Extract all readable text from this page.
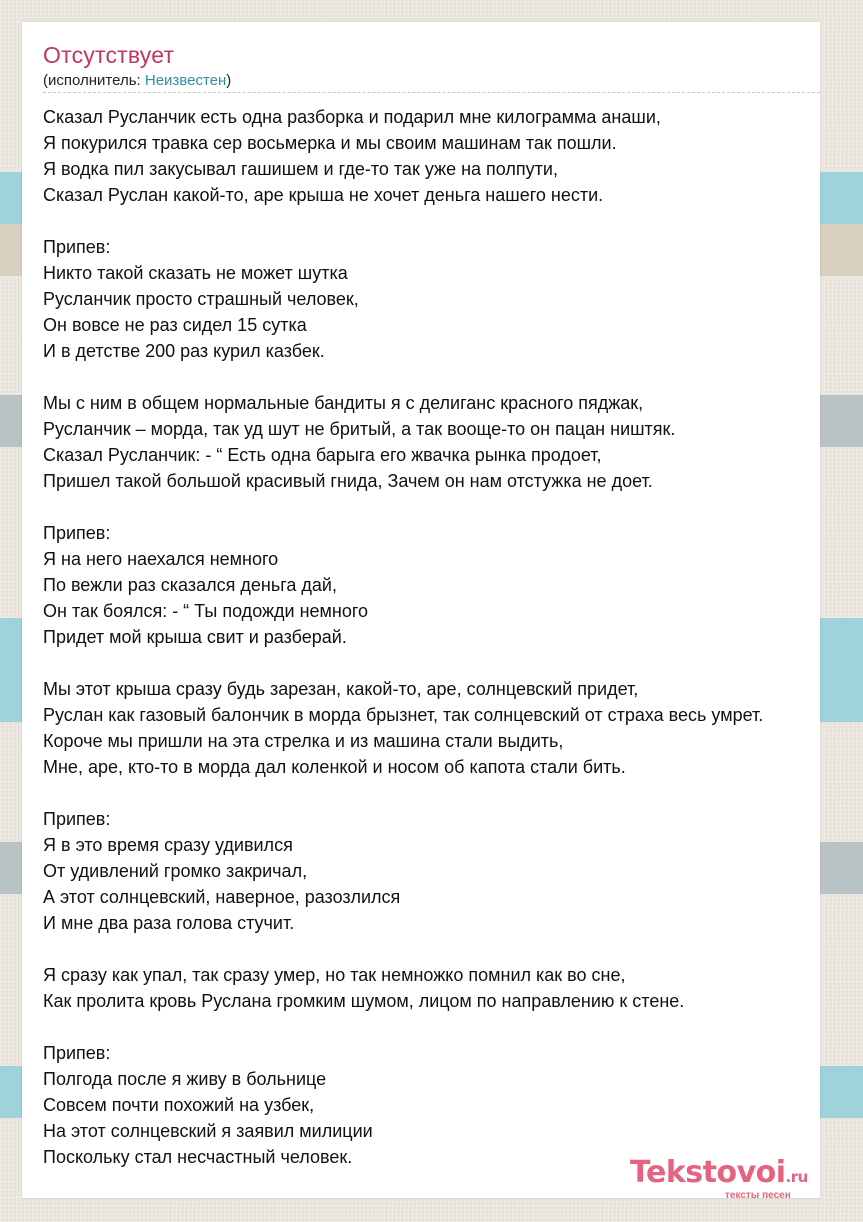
Отсутствует
(исполнитель: Неизвестен)
Сказал Русланчик есть одна разборка и подарил мне килограмма анаши,
Я покурился травка сер восьмерка и мы своим машинам так пошли.
Я водка пил закусывал гашишем и где-то так уже на полпути,
Сказал Руслан какой-то, аре крыша не хочет деньга нашего нести.
Припев:
Никто такой сказать не может шутка
Русланчик просто страшный человек,
Он вовсе не раз сидел 15 сутка
И в детстве 200 раз курил казбек.
Мы с ним в общем нормальные бандиты я с делиганс красного пяджак,
Русланчик – морда, так уд шут не бритый, а так вооще-то он пацан ништяк.
Сказал Русланчик: - “ Есть одна барыга его жвачка рынка продоет,
Пришел такой большой красивый гнида, Зачем он нам отстужка не доет.
Припев:
Я на него наехался немного
По вежли раз сказался деньга дай,
Он так боялся: - “ Ты подожди немного
Придет мой крыша свит и разберай.
Мы этот крыша сразу будь зарезан, какой-то, аре, солнцевский придет,
Руслан как газовый балончик в морда брызнет, так солнцевский от страха весь умрет.
Короче мы пришли на эта стрелка и из машина стали выдить,
Мне, аре, кто-то в морда дал коленкой и носом об капота стали бить.
Припев:
Я в это время сразу удивился
От удивлений громко закричал,
А этот солнцевский, наверное, разозлился
И мне два раза голова стучит.
Я сразу как упал, так сразу умер, но так немножко помнил как во сне,
Как пролита кровь Руслана громким шумом, лицом по направлению к стене.
Припев:
Полгода после я живу в больнице
Совсем почти похожий на узбек,
На этот солнцевский я заявил милиции
Поскольку стал несчастный человек.	Tekstovoi.ru
тексты песен
